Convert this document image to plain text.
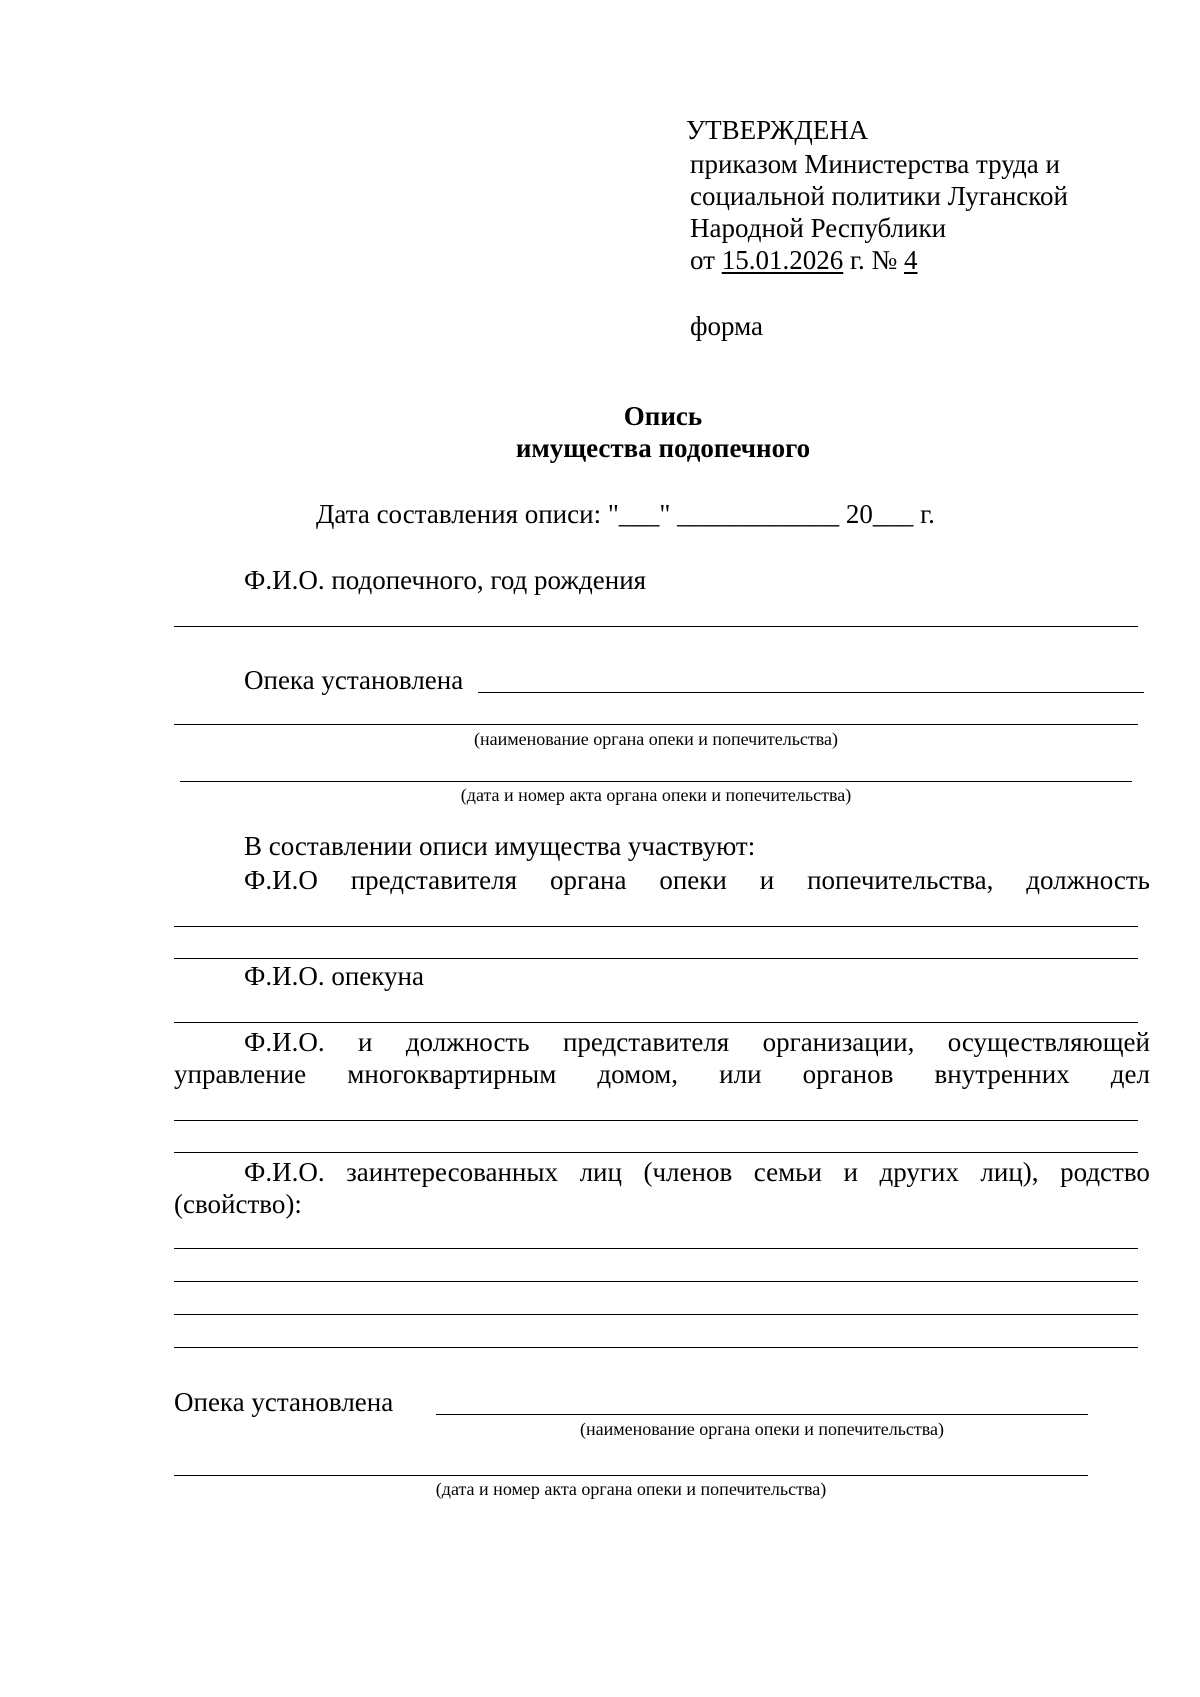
УТВЕРЖДЕНА
приказом Министерства труда и
социальной политики Луганской
Народной Республики
от 15.01.2026 г. № 4
форма
Опись
имущества подопечного
Дата составления описи: "___" ____________ 20___ г.
Ф.И.О. подопечного, год рождения
Опека установлена
(наименование органа опеки и попечительства)
(дата и номер акта органа опеки и попечительства)
В составлении описи имущества участвуют:
Ф.И.О представителя органа опеки и попечительства, должность
Ф.И.О. опекуна
Ф.И.О. и должность представителя организации, осуществляющей
управление многоквартирным домом, или органов внутренних дел
Ф.И.О. заинтересованных лиц (членов семьи и других лиц), родство
(свойство):
Опека установлена
(наименование органа опеки и попечительства)
(дата и номер акта органа опеки и попечительства)
